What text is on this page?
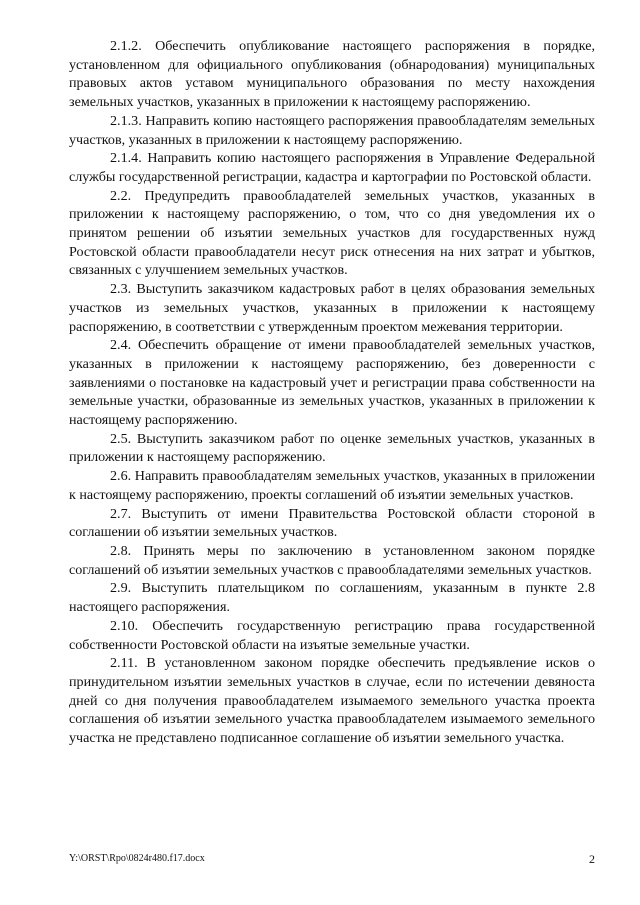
2.1.2. Обеспечить опубликование настоящего распоряжения в порядке, установленном для официального опубликования (обнародования) муниципальных правовых актов уставом муниципального образования по месту нахождения земельных участков, указанных в приложении к настоящему распоряжению.

2.1.3. Направить копию настоящего распоряжения правообладателям земельных участков, указанных в приложении к настоящему распоряжению.

2.1.4. Направить копию настоящего распоряжения в Управление Федеральной службы государственной регистрации, кадастра и картографии по Ростовской области.

2.2. Предупредить правообладателей земельных участков, указанных в приложении к настоящему распоряжению, о том, что со дня уведомления их о принятом решении об изъятии земельных участков для государственных нужд Ростовской области правообладатели несут риск отнесения на них затрат и убытков, связанных с улучшением земельных участков.

2.3. Выступить заказчиком кадастровых работ в целях образования земельных участков из земельных участков, указанных в приложении к настоящему распоряжению, в соответствии с утвержденным проектом межевания территории.

2.4. Обеспечить обращение от имени правообладателей земельных участков, указанных в приложении к настоящему распоряжению, без доверенности с заявлениями о постановке на кадастровый учет и регистрации права собственности на земельные участки, образованные из земельных участков, указанных в приложении к настоящему распоряжению.

2.5. Выступить заказчиком работ по оценке земельных участков, указанных в приложении к настоящему распоряжению.

2.6. Направить правообладателям земельных участков, указанных в приложении к настоящему распоряжению, проекты соглашений об изъятии земельных участков.

2.7. Выступить от имени Правительства Ростовской области стороной в соглашении об изъятии земельных участков.

2.8. Принять меры по заключению в установленном законом порядке соглашений об изъятии земельных участков с правообладателями земельных участков.

2.9. Выступить плательщиком по соглашениям, указанным в пункте 2.8 настоящего распоряжения.

2.10. Обеспечить государственную регистрацию права государственной собственности Ростовской области на изъятые земельные участки.

2.11. В установленном законом порядке обеспечить предъявление исков о принудительном изъятии земельных участков в случае, если по истечении девяноста дней со дня получения правообладателем изымаемого земельного участка проекта соглашения об изъятии земельного участка правообладателем изымаемого земельного участка не представлено подписанное соглашение об изъятии земельного участка.

Y:\ORST\Rpo\0824r480.f17.docx	2
